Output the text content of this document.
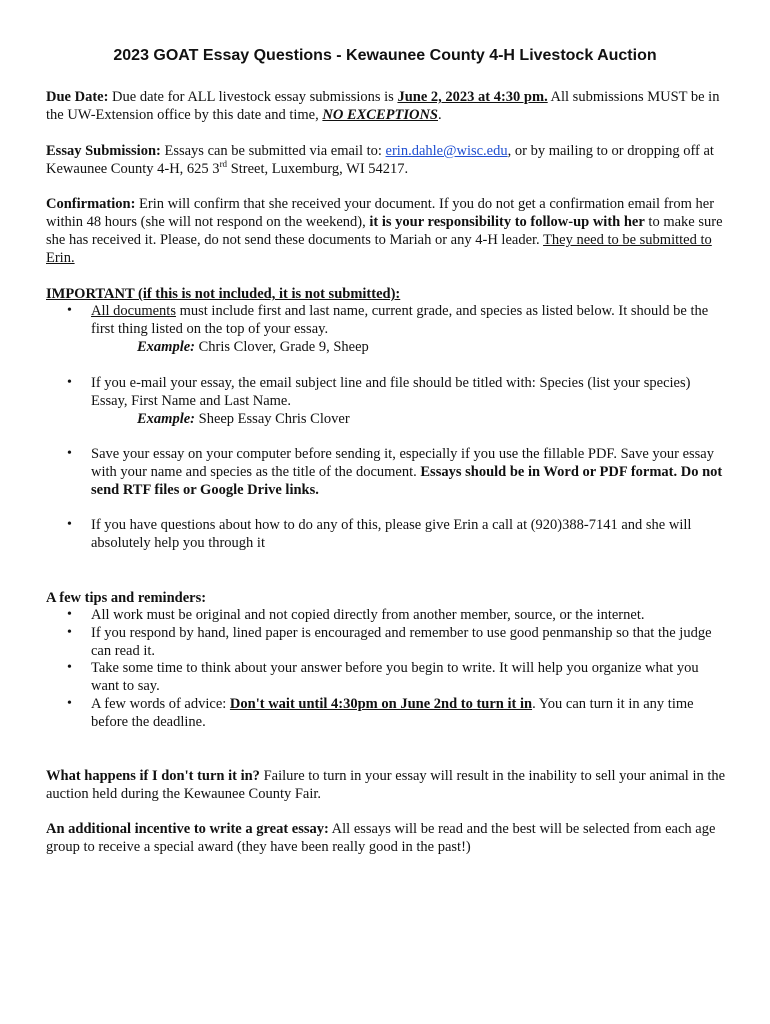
2023 GOAT Essay Questions - Kewaunee County 4-H Livestock Auction
Due Date: Due date for ALL livestock essay submissions is June 2, 2023 at 4:30 pm. All submissions MUST be in the UW-Extension office by this date and time, NO EXCEPTIONS.
Essay Submission: Essays can be submitted via email to: erin.dahle@wisc.edu, or by mailing to or dropping off at Kewaunee County 4-H, 625 3rd Street, Luxemburg, WI 54217.
Confirmation: Erin will confirm that she received your document. If you do not get a confirmation email from her within 48 hours (she will not respond on the weekend), it is your responsibility to follow-up with her to make sure she has received it. Please, do not send these documents to Mariah or any 4-H leader. They need to be submitted to Erin.
IMPORTANT (if this is not included, it is not submitted):
• All documents must include first and last name, current grade, and species as listed below. It should be the first thing listed on the top of your essay.
Example: Chris Clover, Grade 9, Sheep
• If you e-mail your essay, the email subject line and file should be titled with: Species (list your species) Essay, First Name and Last Name.
Example: Sheep Essay Chris Clover
• Save your essay on your computer before sending it, especially if you use the fillable PDF. Save your essay with your name and species as the title of the document. Essays should be in Word or PDF format. Do not send RTF files or Google Drive links.
• If you have questions about how to do any of this, please give Erin a call at (920)388-7141 and she will absolutely help you through it
A few tips and reminders:
• All work must be original and not copied directly from another member, source, or the internet.
• If you respond by hand, lined paper is encouraged and remember to use good penmanship so that the judge can read it.
• Take some time to think about your answer before you begin to write. It will help you organize what you want to say.
• A few words of advice: Don't wait until 4:30pm on June 2nd to turn it in. You can turn it in any time before the deadline.
What happens if I don't turn it in? Failure to turn in your essay will result in the inability to sell your animal in the auction held during the Kewaunee County Fair.
An additional incentive to write a great essay: All essays will be read and the best will be selected from each age group to receive a special award (they have been really good in the past!)
